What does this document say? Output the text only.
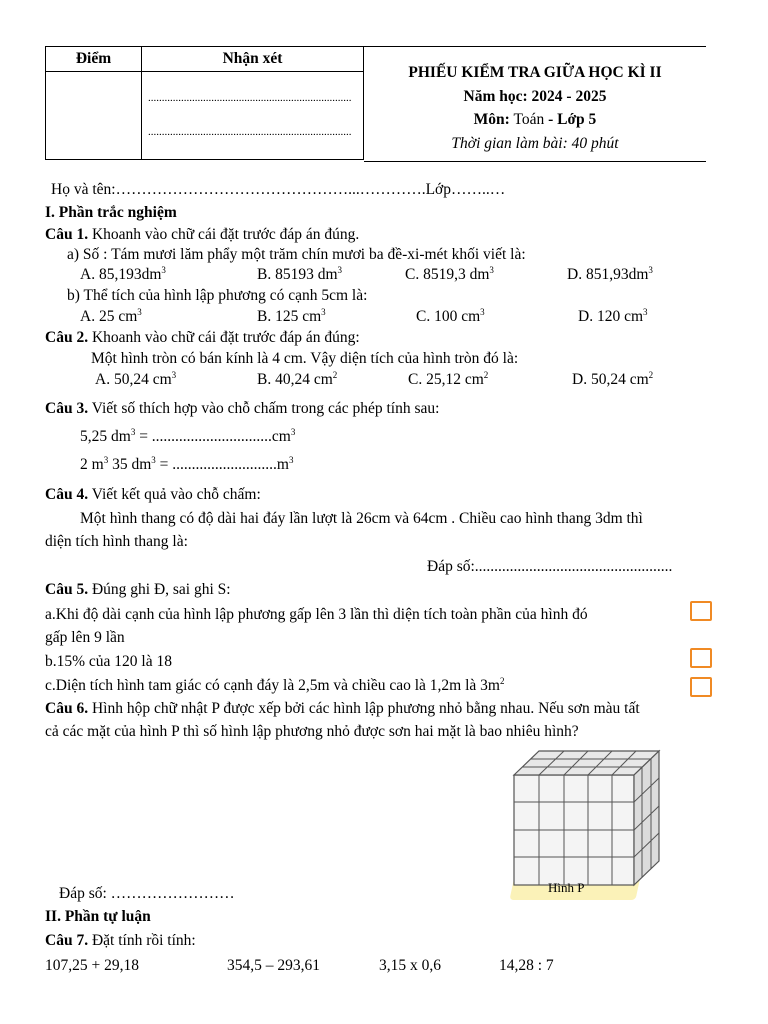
Điểm	Nhận xét

	..........................................................................
..........................................................................
PHIẾU KIỂM TRA GIỮA HỌC KÌ II
Năm học: 2024 - 2025
Môn: Toán - Lớp 5
Thời gian làm bài: 40 phút
Họ và tên:………………………………………...………….Lớp……..…
I. Phần trắc nghiệm
Câu 1. Khoanh vào chữ cái đặt trước đáp án đúng.
a) Số : Tám mươi lăm phẩy một trăm chín mươi ba đề-xi-mét khối viết là:
A. $85,193dm^3$	B. 85193 $dm^3$	C. 8519,3 $dm^3$	D. $851,93dm^3$
b) Thể tích của hình lập phương có cạnh 5cm là:
A. 25 $cm^3$	B. 125 $cm^3$	C. 100 $cm^3$	D. 120 $cm^3$
Câu 2. Khoanh vào chữ cái đặt trước đáp án đúng:
Một hình tròn có bán kính là 4 cm. Vậy diện tích của hình tròn đó là:
A. 50,24 $cm^3$	B. 40,24 $cm^2$	C. 25,12 $cm^2$	D. 50,24 $cm^2$
Câu 3. Viết số thích hợp vào chỗ chấm trong các phép tính sau:
5,25 $dm^3 = ...............................cm^3$
2 $m^3$ 35 $dm^3 = ...........................m^3$
Câu 4. Viết kết quả vào chỗ chấm:
Một hình thang có độ dài hai đáy lần lượt là 26cm và 64cm . Chiều cao hình thang 3dm thì
diện tích hình thang là:
Đáp số:...................................................
Câu 5. Đúng ghi Đ, sai ghi S:
a.Khi độ dài cạnh của hình lập phương gấp lên 3 lần thì diện tích toàn phần của hình đó
gấp lên 9 lần
b.15% của 120 là 18
c.Diện tích hình tam giác có cạnh đáy là 2,5m và chiều cao là 1,2m là $3m^2$
Câu 6. Hình hộp chữ nhật P được xếp bởi các hình lập phương nhỏ bằng nhau. Nếu sơn màu tất
cả các mặt của hình P thì số hình lập phương nhỏ được sơn hai mặt là bao nhiêu hình?
Hình P
Đáp số: ……………………
II. Phần tự luận
Câu 7. Đặt tính rồi tính:
107,25 + 29,18	354,5 – 293,61	3,15 x 0,6	14,28 : 7
